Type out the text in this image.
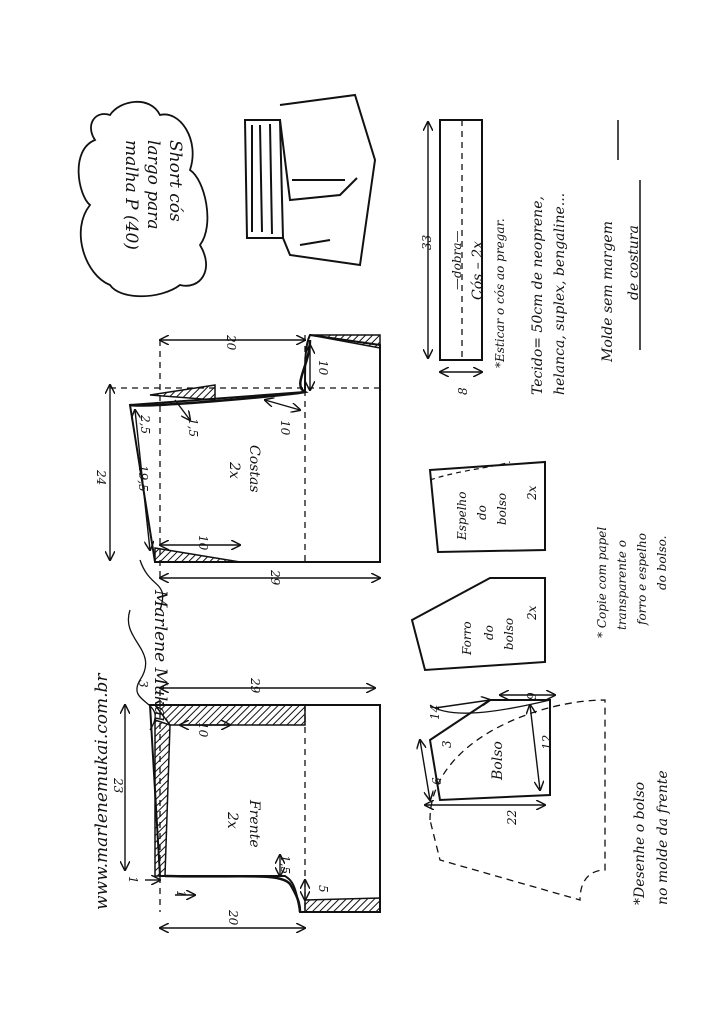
Short cós
largo para
malha P (40)
www.marlenemukai.com.br
Marlene Mukai
Costas
2x
20
10
24 19,5
2,5	1,5	10
10
29
Frente
2x
29
3
10
23
1,5
5
1
1
20
—dobra— Cós – 2x
33
8
Espelho do bolso
2x
Forro do bolso
2x
Bolso
14
9
3
6
12
22
*Esticar o cós ao pregar. Tecido= 50cm de neoprene, helanca, suplex, bengaline... Molde sem margem de costura
* Copie com papel transparente o forro e espelho do bolso.
*Desenhe o bolso no molde da frente
